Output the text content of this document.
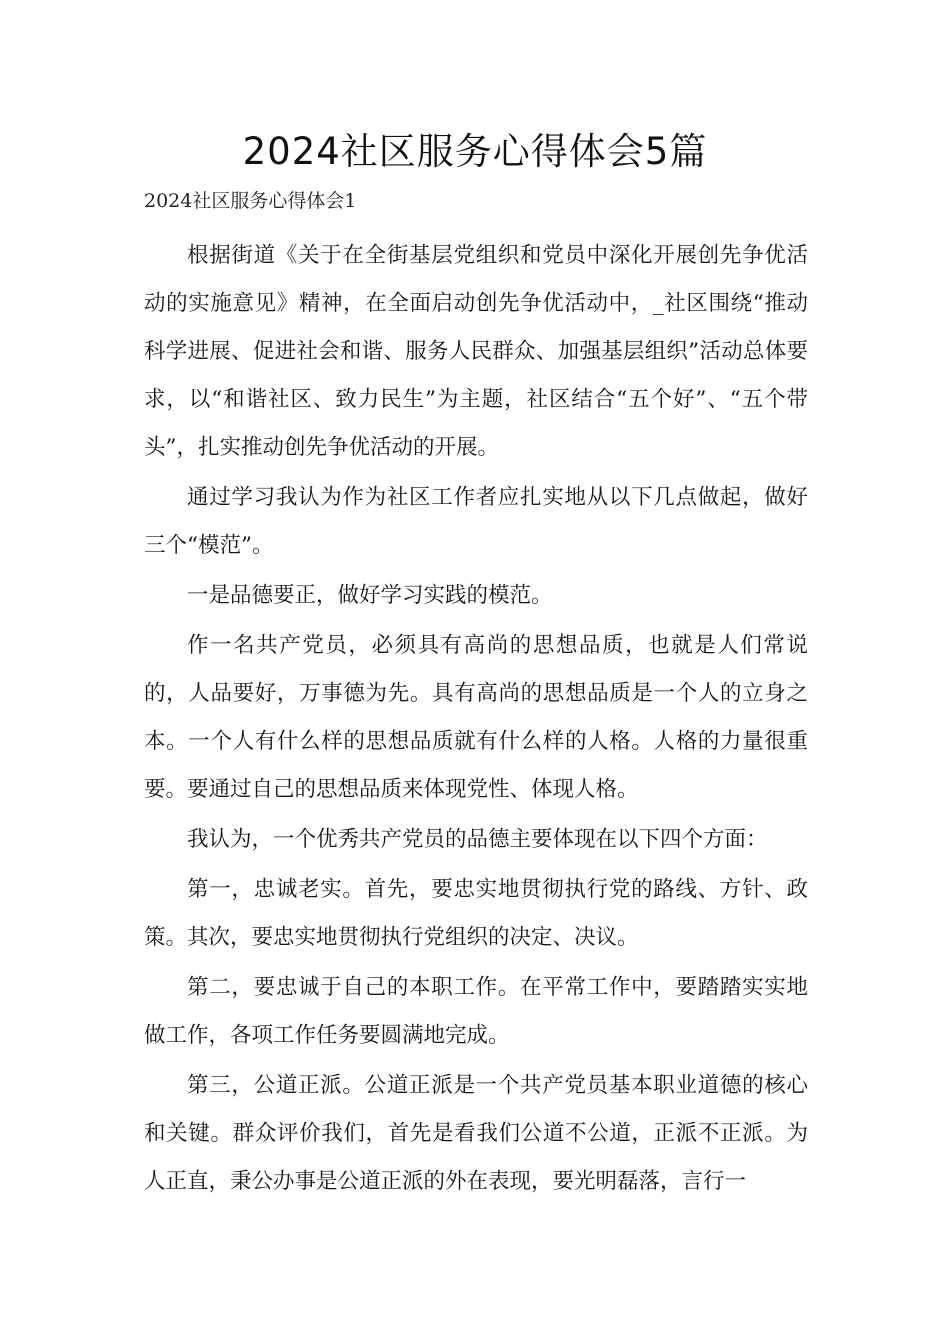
2024社区服务心得体会5篇

2024社区服务心得体会1

根据街道《关于在全街基层党组织和党员中深化开展创先争优活动的实施意见》精神，在全面启动创先争优活动中，_社区围绕“推动科学进展、促进社会和谐、服务人民群众、加强基层组织”活动总体要求，以“和谐社区、致力民生”为主题，社区结合“五个好”、“五个带头”，扎实推动创先争优活动的开展。

通过学习我认为作为社区工作者应扎实地从以下几点做起，做好三个“模范”。

一是品德要正，做好学习实践的模范。

作一名共产党员，必须具有高尚的思想品质，也就是人们常说的，人品要好，万事德为先。具有高尚的思想品质是一个人的立身之本。一个人有什么样的思想品质就有什么样的人格。人格的力量很重要。要通过自己的思想品质来体现党性、体现人格。

我认为，一个优秀共产党员的品德主要体现在以下四个方面：

第一，忠诚老实。首先，要忠实地贯彻执行党的路线、方针、政策。其次，要忠实地贯彻执行党组织的决定、决议。

第二，要忠诚于自己的本职工作。在平常工作中，要踏踏实实地做工作，各项工作任务要圆满地完成。

第三，公道正派。公道正派是一个共产党员基本职业道德的核心和关键。群众评价我们，首先是看我们公道不公道，正派不正派。为人正直，秉公办事是公道正派的外在表现，要光明磊落，言行一
